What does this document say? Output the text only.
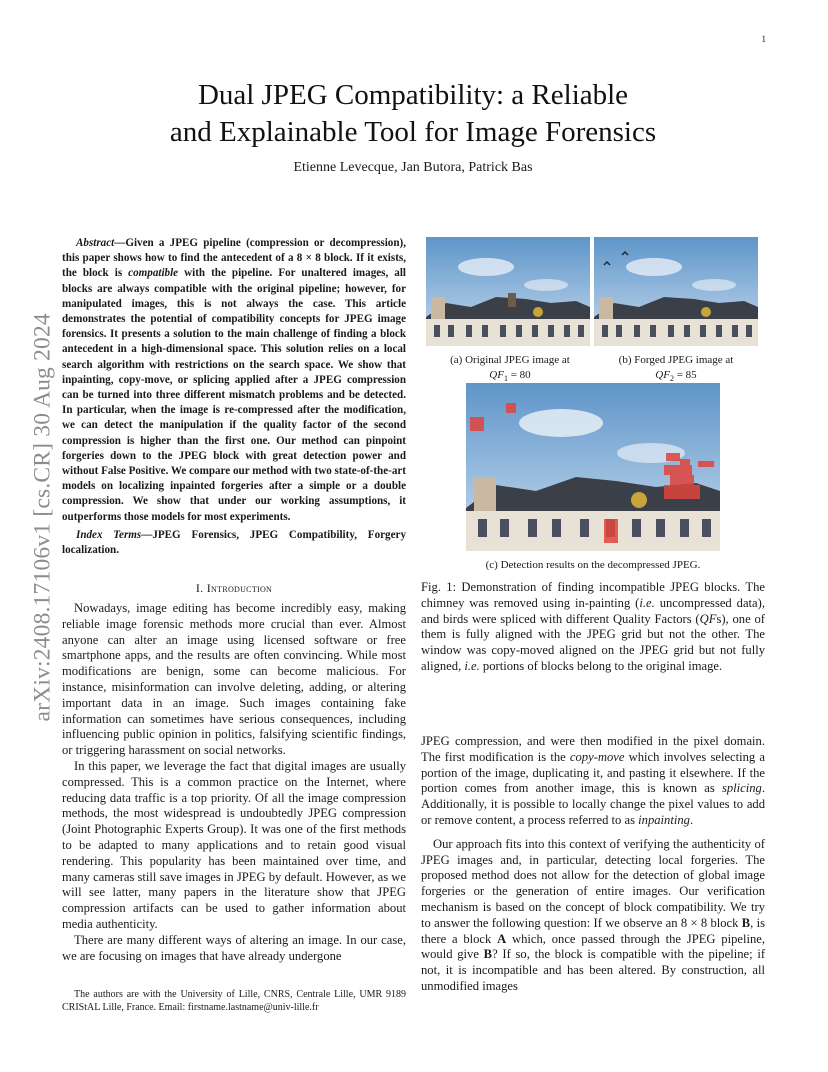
1
arXiv:2408.17106v1 [cs.CR] 30 Aug 2024
Dual JPEG Compatibility: a Reliable
and Explainable Tool for Image Forensics
Etienne Levecque, Jan Butora, Patrick Bas
Abstract—Given a JPEG pipeline (compression or decompression), this paper shows how to find the antecedent of a 8 × 8 block. If it exists, the block is compatible with the pipeline. For unaltered images, all blocks are always compatible with the original pipeline; however, for manipulated images, this is not always the case. This article demonstrates the potential of compatibility concepts for JPEG image forensics. It presents a solution to the main challenge of finding a block antecedent in a high-dimensional space. This solution relies on a local search algorithm with restrictions on the search space. We show that inpainting, copy-move, or splicing applied after a JPEG compression can be turned into three different mismatch problems and be detected. In particular, when the image is re-compressed after the modification, we can detect the manipulation if the quality factor of the second compression is higher than the first one. Our method can pinpoint forgeries down to the JPEG block with great detection power and without False Positive. We compare our method with two state-of-the-art models on localizing inpainted forgeries after a simple or a double compression. We show that under our working assumptions, it outperforms those models for most experiments.
Index Terms—JPEG Forensics, JPEG Compatibility, Forgery localization.
I. Introduction

Nowadays, image editing has become incredibly easy, making reliable image forensic methods more crucial than ever. Almost anyone can alter an image using licensed software or free smartphone apps, and the results are often convincing. While most modifications are benign, some can become malicious. For instance, misinformation can involve deleting, adding, or altering important data in an image. Such images containing fake information can sometimes have serious consequences, including influencing public opinion in politics, falsifying scientific findings, or triggering harassment on social networks.

In this paper, we leverage the fact that digital images are usually compressed. This is a common practice on the Internet, where reducing data traffic is a top priority. Of all the image compression methods, the most widespread is undoubtedly JPEG compression (Joint Photographic Experts Group). It was one of the first methods to be adapted to many applications and to retain good visual rendering. This popularity has been maintained over time, and many cameras still save images in JPEG by default. However, as we will see latter, many papers in the literature show that JPEG compression artifacts can be used to gather information about media authenticity.

There are many different ways of altering an image. In our case, we are focusing on images that have already undergone

The authors are with the University of Lille, CNRS, Centrale Lille, UMR 9189 CRIStAL Lille, France. Email: firstname.lastname@univ-lille.fr
(a) Original JPEG image at
$QF_1 = 80$
(b) Forged JPEG image at
$QF_2 = 85$
(c) Detection results on the decompressed JPEG.
Fig. 1: Demonstration of finding incompatible JPEG blocks. The chimney was removed using in-painting (i.e. uncompressed data), and birds were spliced with different Quality Factors (QFs), one of them is fully aligned with the JPEG grid but not the other. The window was copy-moved aligned on the JPEG grid but not fully aligned, i.e. portions of blocks belong to the original image.

JPEG compression, and were then modified in the pixel domain. The first modification is the copy-move which involves selecting a portion of the image, duplicating it, and pasting it elsewhere. If the portion comes from another image, this is known as splicing. Additionally, it is possible to locally change the pixel values to add or remove content, a process referred to as inpainting.

Our approach fits into this context of verifying the authenticity of JPEG images and, in particular, detecting local forgeries. The proposed method does not allow for the detection of global image forgeries or the generation of entire images. Our verification mechanism is based on the concept of block compatibility. We try to answer the following question: If we observe an 8 × 8 block B, is there a block A which, once passed through the JPEG pipeline, would give B? If so, the block is compatible with the pipeline; if not, it is incompatible and has been altered. By construction, all unmodified images
